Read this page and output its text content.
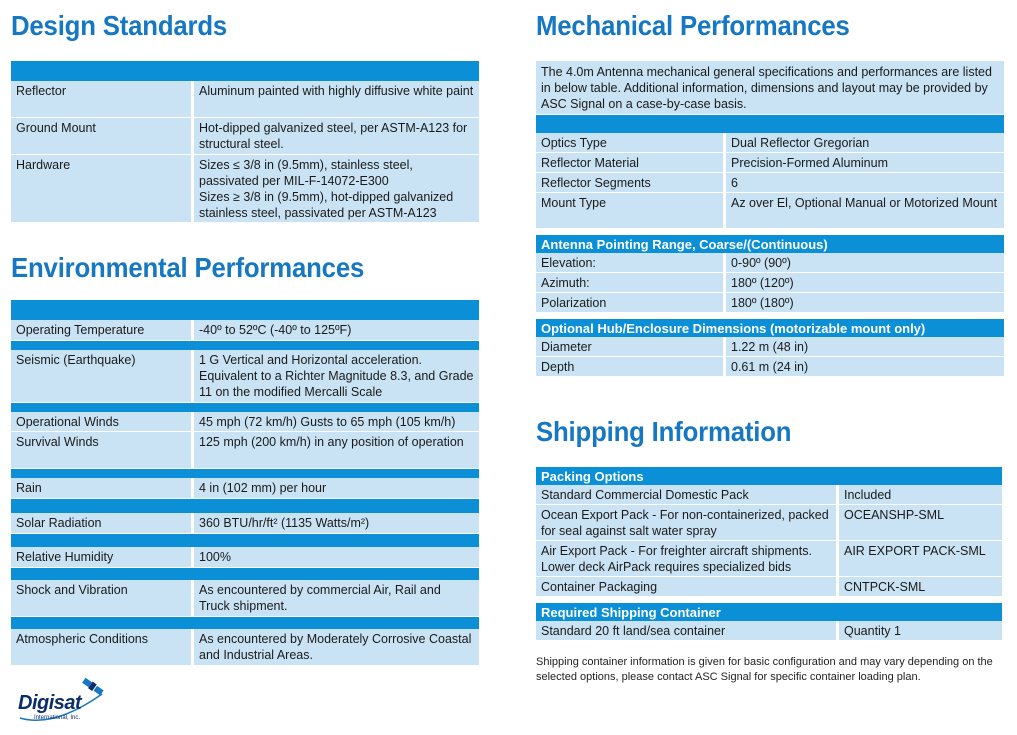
Design Standards
Reflector	Aluminum painted with highly diffusive white paint
Ground Mount	Hot-dipped galvanized steel, per ASTM-A123 for structural steel.
Hardware	Sizes ≤ 3/8 in (9.5mm), stainless steel, passivated per MIL-F-14072-E300
Sizes ≥ 3/8 in (9.5mm), hot-dipped galvanized stainless steel, passivated per ASTM-A123
Environmental Performances
Operating Temperature	-40º to 52ºC (-40º to 125ºF)
Seismic (Earthquake)	1 G Vertical and Horizontal acceleration. Equivalent to a Richter Magnitude 8.3, and Grade 11 on the modified Mercalli Scale
Operational Winds	45 mph (72 km/h) Gusts to 65 mph (105 km/h)
Survival Winds	125 mph (200 km/h) in any position of operation
Rain	4 in (102 mm) per hour
Solar Radiation	360 BTU/hr/ft² (1135 Watts/m²)
Relative Humidity	100%
Shock and Vibration	As encountered by commercial Air, Rail and Truck shipment.
Atmospheric Conditions	As encountered by Moderately Corrosive Coastal and Industrial Areas.
Digisat
International, Inc.
Mechanical Performances
The 4.0m Antenna mechanical general specifications and performances are listed in below table. Additional information, dimensions and layout may be provided by ASC Signal on a case-by-case basis.
Optics Type	Dual Reflector Gregorian
Reflector Material	Precision-Formed Aluminum
Reflector Segments	6
Mount Type	Az over El, Optional Manual or Motorized Mount
Antenna Pointing Range, Coarse/(Continuous)
Elevation:	0-90º (90º)
Azimuth:	180º (120º)
Polarization	180º (180º)
Optional Hub/Enclosure Dimensions (motorizable mount only)
Diameter	1.22 m (48 in)
Depth	0.61 m (24 in)
Shipping Information
Packing Options
Standard Commercial Domestic Pack	Included
Ocean Export Pack - For non-containerized, packed for seal against salt water spray	OCEANSHP-SML
Air Export Pack - For freighter aircraft shipments. Lower deck AirPack requires specialized bids	AIR EXPORT PACK-SML
Container Packaging	CNTPCK-SML
Required Shipping Container
Standard 20 ft land/sea container	Quantity 1
Shipping container information is given for basic configuration and may vary depending on the selected options, please contact ASC Signal for specific container loading plan.
